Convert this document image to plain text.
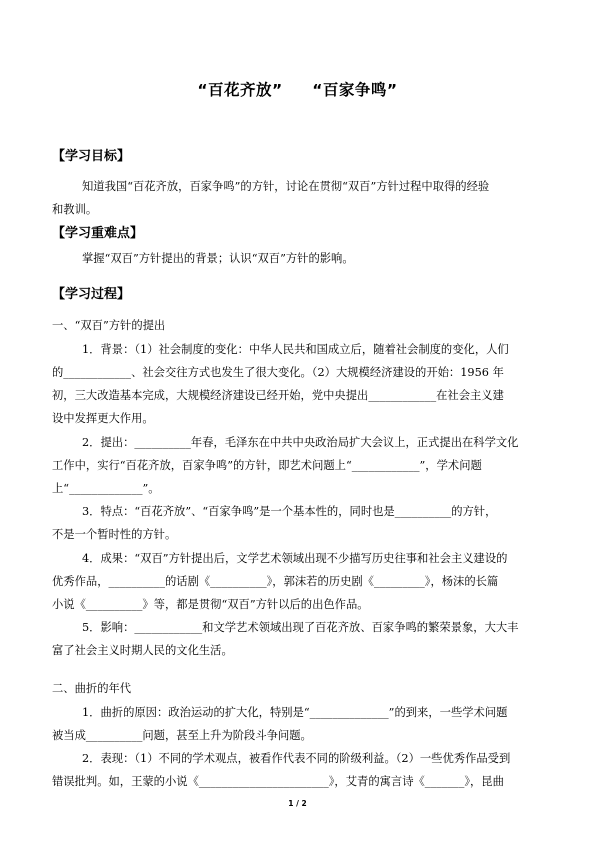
“百花齐放”     “百家争鸣”
【学习目标】
知道我国“百花齐放，百家争鸣”的方针，讨论在贯彻“双百”方针过程中取得的经验
和教训。
【学习重难点】
掌握“双百”方针提出的背景；认识“双百”方针的影响。
【学习过程】
一、“双百”方针的提出
1．背景：（1）社会制度的变化：中华人民共和国成立后，随着社会制度的变化，人们
的____________、社会交往方式也发生了很大变化。（2）大规模经济建设的开始：1956 年
初，三大改造基本完成，大规模经济建设已经开始，党中央提出____________在社会主义建
设中发挥更大作用。
2．提出：__________年春，毛泽东在中共中央政治局扩大会议上，正式提出在科学文化
工作中，实行“百花齐放，百家争鸣”的方针，即艺术问题上“____________”，学术问题
上“_____________”。
3．特点：“百花齐放”、“百家争鸣”是一个基本性的，同时也是__________的方针，
不是一个暂时性的方针。
4．成果：“双百”方针提出后，文学艺术领域出现不少描写历史往事和社会主义建设的
优秀作品，__________的话剧《__________》，郭沫若的历史剧《_________》，杨沫的长篇
小说《__________》等，都是贯彻“双百”方针以后的出色作品。
5．影响：____________和文学艺术领域出现了百花齐放、百家争鸣的繁荣景象，大大丰
富了社会主义时期人民的文化生活。
二、曲折的年代
1．曲折的原因：政治运动的扩大化，特别是“______________”的到来，一些学术问题
被当成__________问题，甚至上升为阶段斗争问题。
2．表现：（1）不同的学术观点，被看作代表不同的阶级利益。（2）一些优秀作品受到
错误批判。如，王蒙的小说《_______________________》，艾青的寓言诗《_______》，昆曲
1 / 2
